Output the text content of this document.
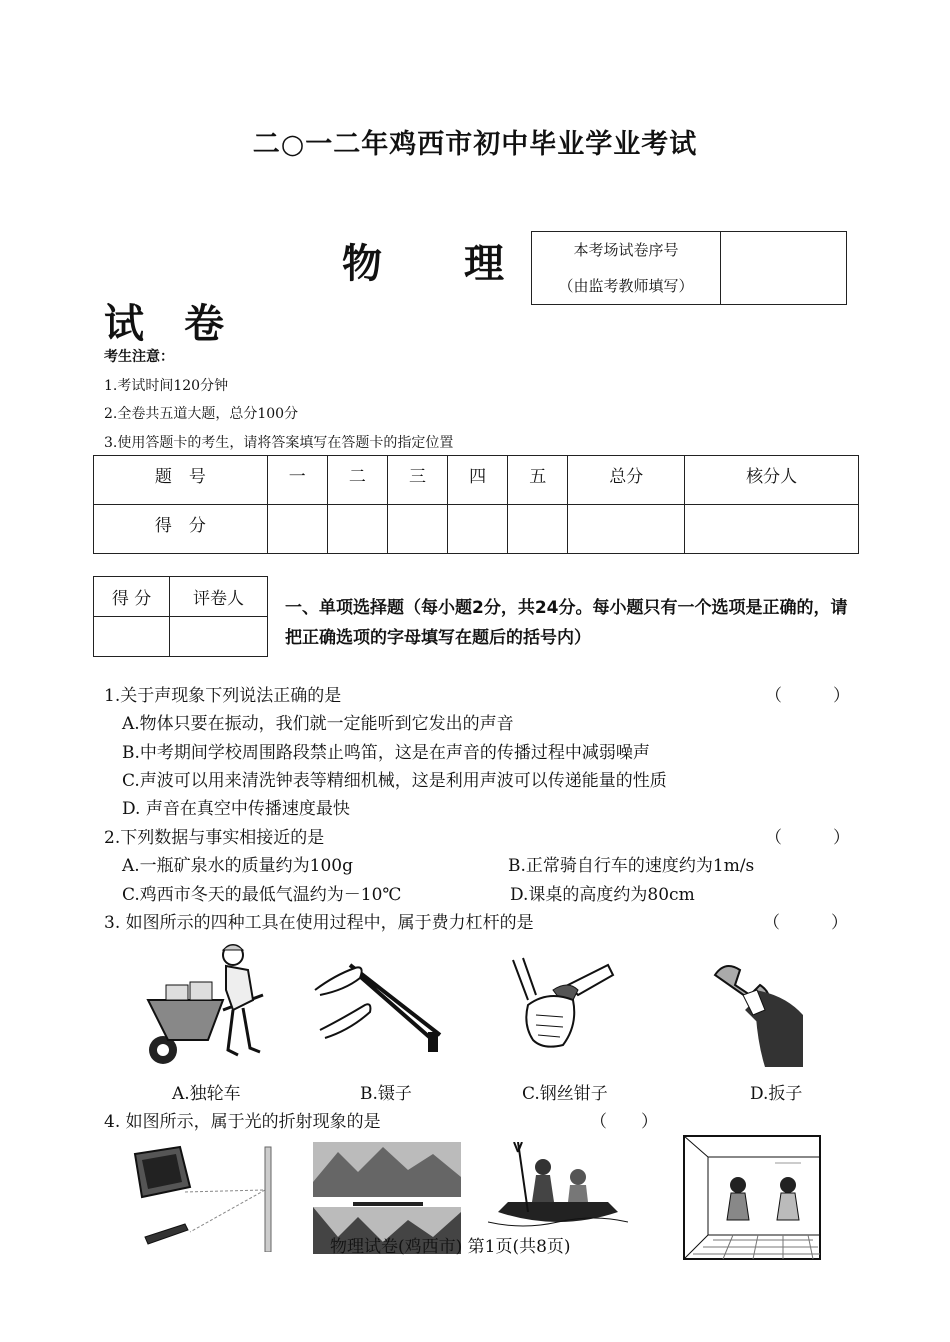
二○一二年鸡西市初中毕业学业考试
物 理
试　卷
本考场试卷序号
（由监考教师填写）

考生注意：
1.考试时间120分钟
2.全卷共五道大题，总分100分
3.使用答题卡的考生，请将答案填写在答题卡的指定位置
题　号	一	二	三	四	五	总分	核分人
得　分							
得 分	评卷人
	一、单项选择题（每小题2分，共24分。每小题只有一个选项是正确的，请把正确选项的字母填写在题后的括号内）
1.关于声现象下列说法正确的是	（　　　）
A.物体只要在振动，我们就一定能听到它发出的声音
B.中考期间学校周围路段禁止鸣笛，这是在声音的传播过程中减弱噪声
C.声波可以用来清洗钟表等精细机械，这是利用声波可以传递能量的性质
D. 声音在真空中传播速度最快
2.下列数据与事实相接近的是	（　　　）
A.一瓶矿泉水的质量约为100g	B.正常骑自行车的速度约为1m/s
C.鸡西市冬天的最低气温约为－10℃	D.课桌的高度约为80cm
3. 如图所示的四种工具在使用过程中，属于费力杠杆的是	（　　　）
A.独轮车	B.镊子	C.钢丝钳子	D.扳子
4. 如图所示，属于光的折射现象的是	（　　）
物理试卷(鸡西市) 第1页(共8页)
